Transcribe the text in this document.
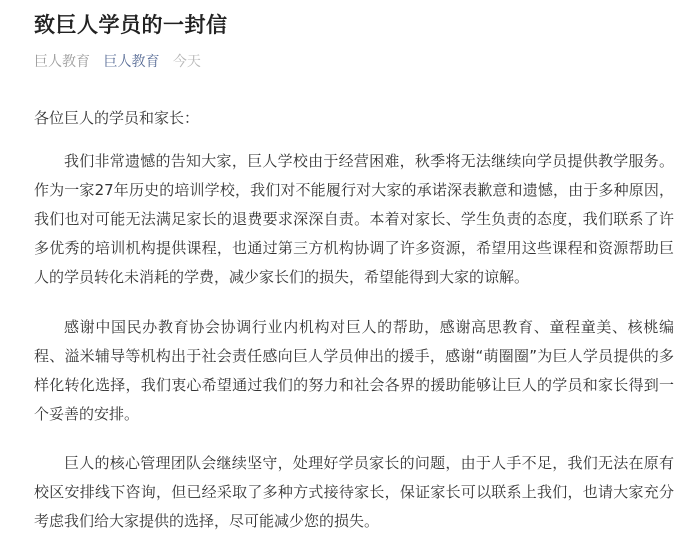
致巨人学员的一封信
巨人教育 巨人教育 今天

各位巨人的学员和家长：

我们非常遗憾的告知大家，巨人学校由于经营困难，秋季将无法继续向学员提供教学服务。作为一家27年历史的培训学校，我们对不能履行对大家的承诺深表歉意和遗憾，由于多种原因，我们也对可能无法满足家长的退费要求深深自责。本着对家长、学生负责的态度，我们联系了许多优秀的培训机构提供课程，也通过第三方机构协调了许多资源，希望用这些课程和资源帮助巨人的学员转化未消耗的学费，减少家长们的损失，希望能得到大家的谅解。

感谢中国民办教育协会协调行业内机构对巨人的帮助，感谢高思教育、童程童美、核桃编程、溢米辅导等机构出于社会责任感向巨人学员伸出的援手，感谢“萌圈圈”为巨人学员提供的多样化转化选择，我们衷心希望通过我们的努力和社会各界的援助能够让巨人的学员和家长得到一个妥善的安排。

巨人的核心管理团队会继续坚守，处理好学员家长的问题，由于人手不足，我们无法在原有校区安排线下咨询，但已经采取了多种方式接待家长，保证家长可以联系上我们，也请大家充分考虑我们给大家提供的选择，尽可能减少您的损失。
